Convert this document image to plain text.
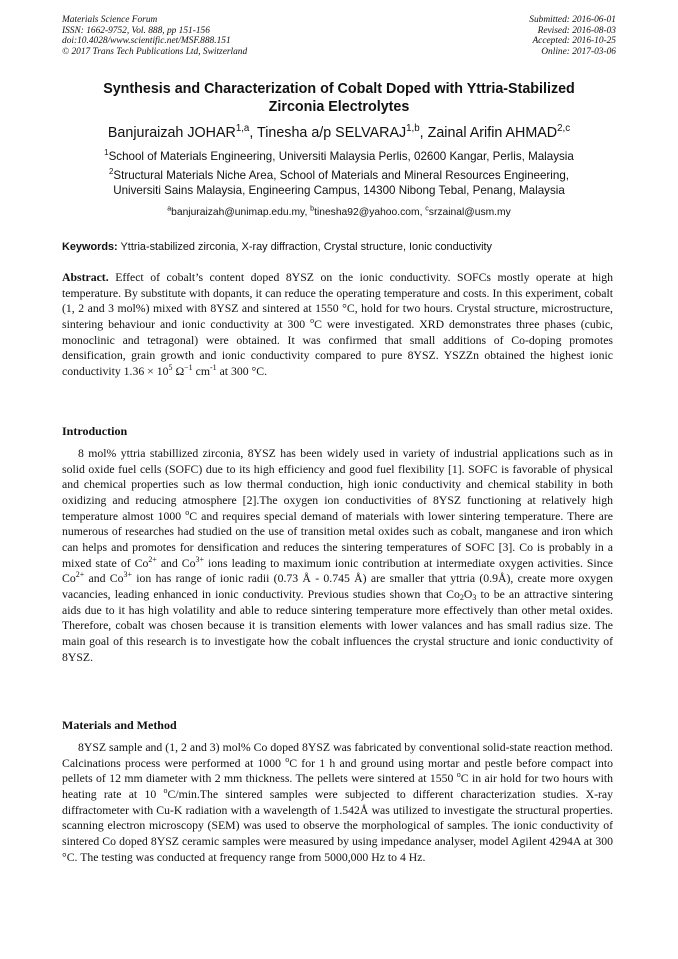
Materials Science Forum
ISSN: 1662-9752, Vol. 888, pp 151-156
doi:10.4028/www.scientific.net/MSF.888.151
© 2017 Trans Tech Publications Ltd, Switzerland
Submitted: 2016-06-01
Revised: 2016-08-03
Accepted: 2016-10-25
Online: 2017-03-06
Synthesis and Characterization of Cobalt Doped with Yttria-Stabilized
Zirconia Electrolytes
Banjuraizah JOHAR$^{1,a}$, Tinesha a/p SELVARAJ$^{1,b}$, Zainal Arifin AHMAD$^{2,c}$
$^1$School of Materials Engineering, Universiti Malaysia Perlis, 02600 Kangar, Perlis, Malaysia
$^2$Structural Materials Niche Area, School of Materials and Mineral Resources Engineering,
Universiti Sains Malaysia, Engineering Campus, 14300 Nibong Tebal, Penang, Malaysia
$^a$banjuraizah@unimap.edu.my, $^b$tinesha92@yahoo.com, $^c$srzainal@usm.my
Keywords: Yttria-stabilized zirconia, X-ray diffraction, Crystal structure, Ionic conductivity
Abstract. Effect of cobalt’s content doped 8YSZ on the ionic conductivity. SOFCs mostly operate at high temperature. By substitute with dopants, it can reduce the operating temperature and costs. In this experiment, cobalt (1, 2 and 3 mol%) mixed with 8YSZ and sintered at 1550 °C, hold for two hours. Crystal structure, microstructure, sintering behaviour and ionic conductivity at 300 $^o$C were investigated. XRD demonstrates three phases (cubic, monoclinic and tetragonal) were obtained. It was confirmed that small additions of Co-doping promotes densification, grain growth and ionic conductivity compared to pure 8YSZ. YSZZn obtained the highest ionic conductivity $1.36 \times 10^5$ $\Omega^{-1}$ $cm^{-1}$ at 300 °C.
Introduction
8 mol% yttria stabillized zirconia, 8YSZ has been widely used in variety of industrial applications such as in solid oxide fuel cells (SOFC) due to its high efficiency and good fuel flexibility [1]. SOFC is favorable of physical and chemical properties such as low thermal conduction, high ionic conductivity and chemical stability in both oxidizing and reducing atmosphere [2].The oxygen ion conductivities of 8YSZ functioning at relatively high temperature almost 1000 $^o$C and requires special demand of materials with lower sintering temperature. There are numerous of researches had studied on the use of transition metal oxides such as cobalt, manganese and iron which can helps and promotes for densification and reduces the sintering temperatures of SOFC [3]. Co is probably in a mixed state of $Co^{2+}$ and $Co^{3+}$ ions leading to maximum ionic contribution at intermediate oxygen activities. Since $Co^{2+}$ and $Co^{3+}$ ion has range of ionic radii (0.73 Å - 0.745 Å) are smaller that yttria (0.9Å), create more oxygen vacancies, leading enhanced in ionic conductivity. Previous studies shown that $Co_2O_3$ to be an attractive sintering aids due to it has high volatility and able to reduce sintering temperature more effectively than other metal oxides. Therefore, cobalt was chosen because it is transition elements with lower valances and has small radius size. The main goal of this research is to investigate how the cobalt influences the crystal structure and ionic conductivity of 8YSZ.
Materials and Method
8YSZ sample and (1, 2 and 3) mol% Co doped 8YSZ was fabricated by conventional solid-state reaction method. Calcinations process were performed at 1000 $^o$C for 1 h and ground using mortar and pestle before compact into pellets of 12 mm diameter with 2 mm thickness. The pellets were sintered at 1550 $^o$C in air hold for two hours with heating rate at 10 $^o$C/min.The sintered samples were subjected to different characterization studies. X-ray diffractometer with Cu-K radiation with a wavelength of 1.542Å was utilized to investigate the structural properties. scanning electron microscopy (SEM) was used to observe the morphological of samples. The ionic conductivity of sintered Co doped 8YSZ ceramic samples were measured by using impedance analyser, model Agilent 4294A at 300 °C. The testing was conducted at frequency range from 5000,000 Hz to 4 Hz.
